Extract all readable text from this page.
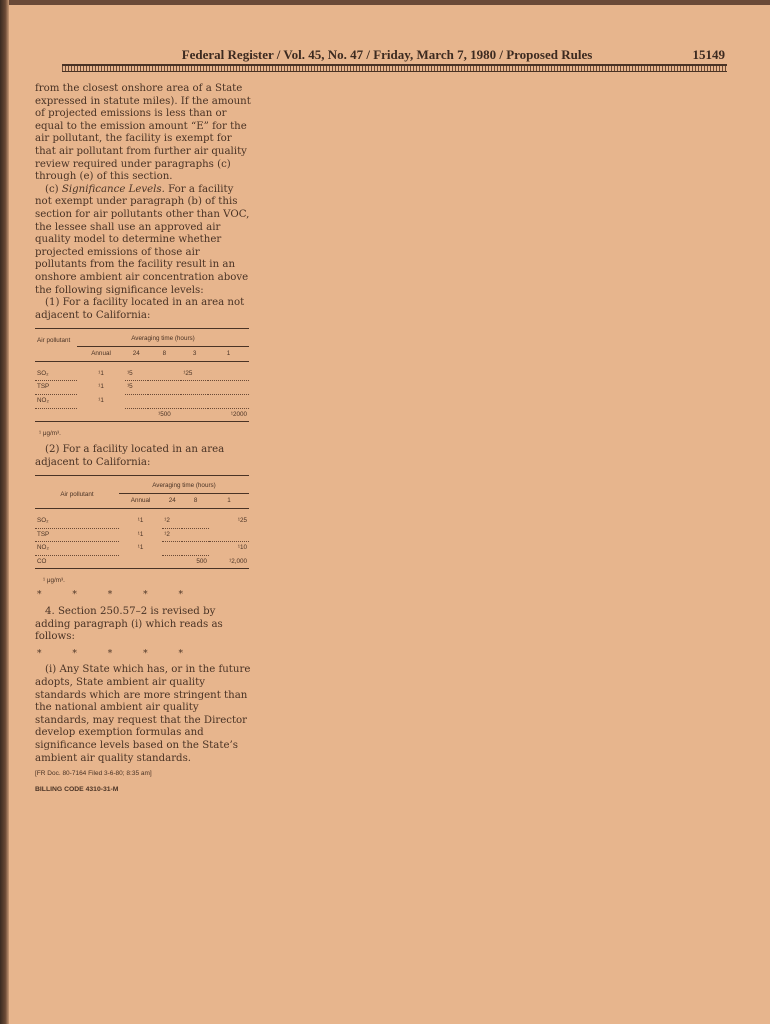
Federal Register / Vol. 45, No. 47 / Friday, March 7, 1980 / Proposed Rules	15149

from the closest onshore area of a State expressed in statute miles). If the amount of projected emissions is less than or equal to the emission amount “E” for the air pollutant, the facility is exempt for that air pollutant from further air quality review required under paragraphs (c) through (e) of this section.

(c) Significance Levels. For a facility not exempt under paragraph (b) of this section for air pollutants other than VOC, the lessee shall use an approved air quality model to determine whether projected emissions of those air pollutants from the facility result in an onshore ambient air concentration above the following significance levels:

(1) For a facility located in an area not adjacent to California:

Air pollutant	Averaging time (hours)				
	Annual	24	8	3	1

SO₂	¹1	¹5		¹25	
TSP	¹1	¹5			
NO₂	¹1				
			¹500		¹2000
¹ μg/m³.

(2) For a facility located in an area adjacent to California:

Air pollutant	Averaging time (hours)			
	Annual	24	8	1

SO₂	¹1	¹2		¹25
TSP	¹1	¹2		
NO₂	¹1			¹10
CO			500	¹2,000
¹ μg/m³.
* * * * *

4. Section 250.57–2 is revised by adding paragraph (i) which reads as follows:

* * * * *

(i) Any State which has, or in the future adopts, State ambient air quality standards which are more stringent than the national ambient air quality standards, may request that the Director develop exemption formulas and significance levels based on the State’s ambient air quality standards.

[FR Doc. 80-7164 Filed 3-6-80; 8:35 am]
BILLING CODE 4310-31-M
